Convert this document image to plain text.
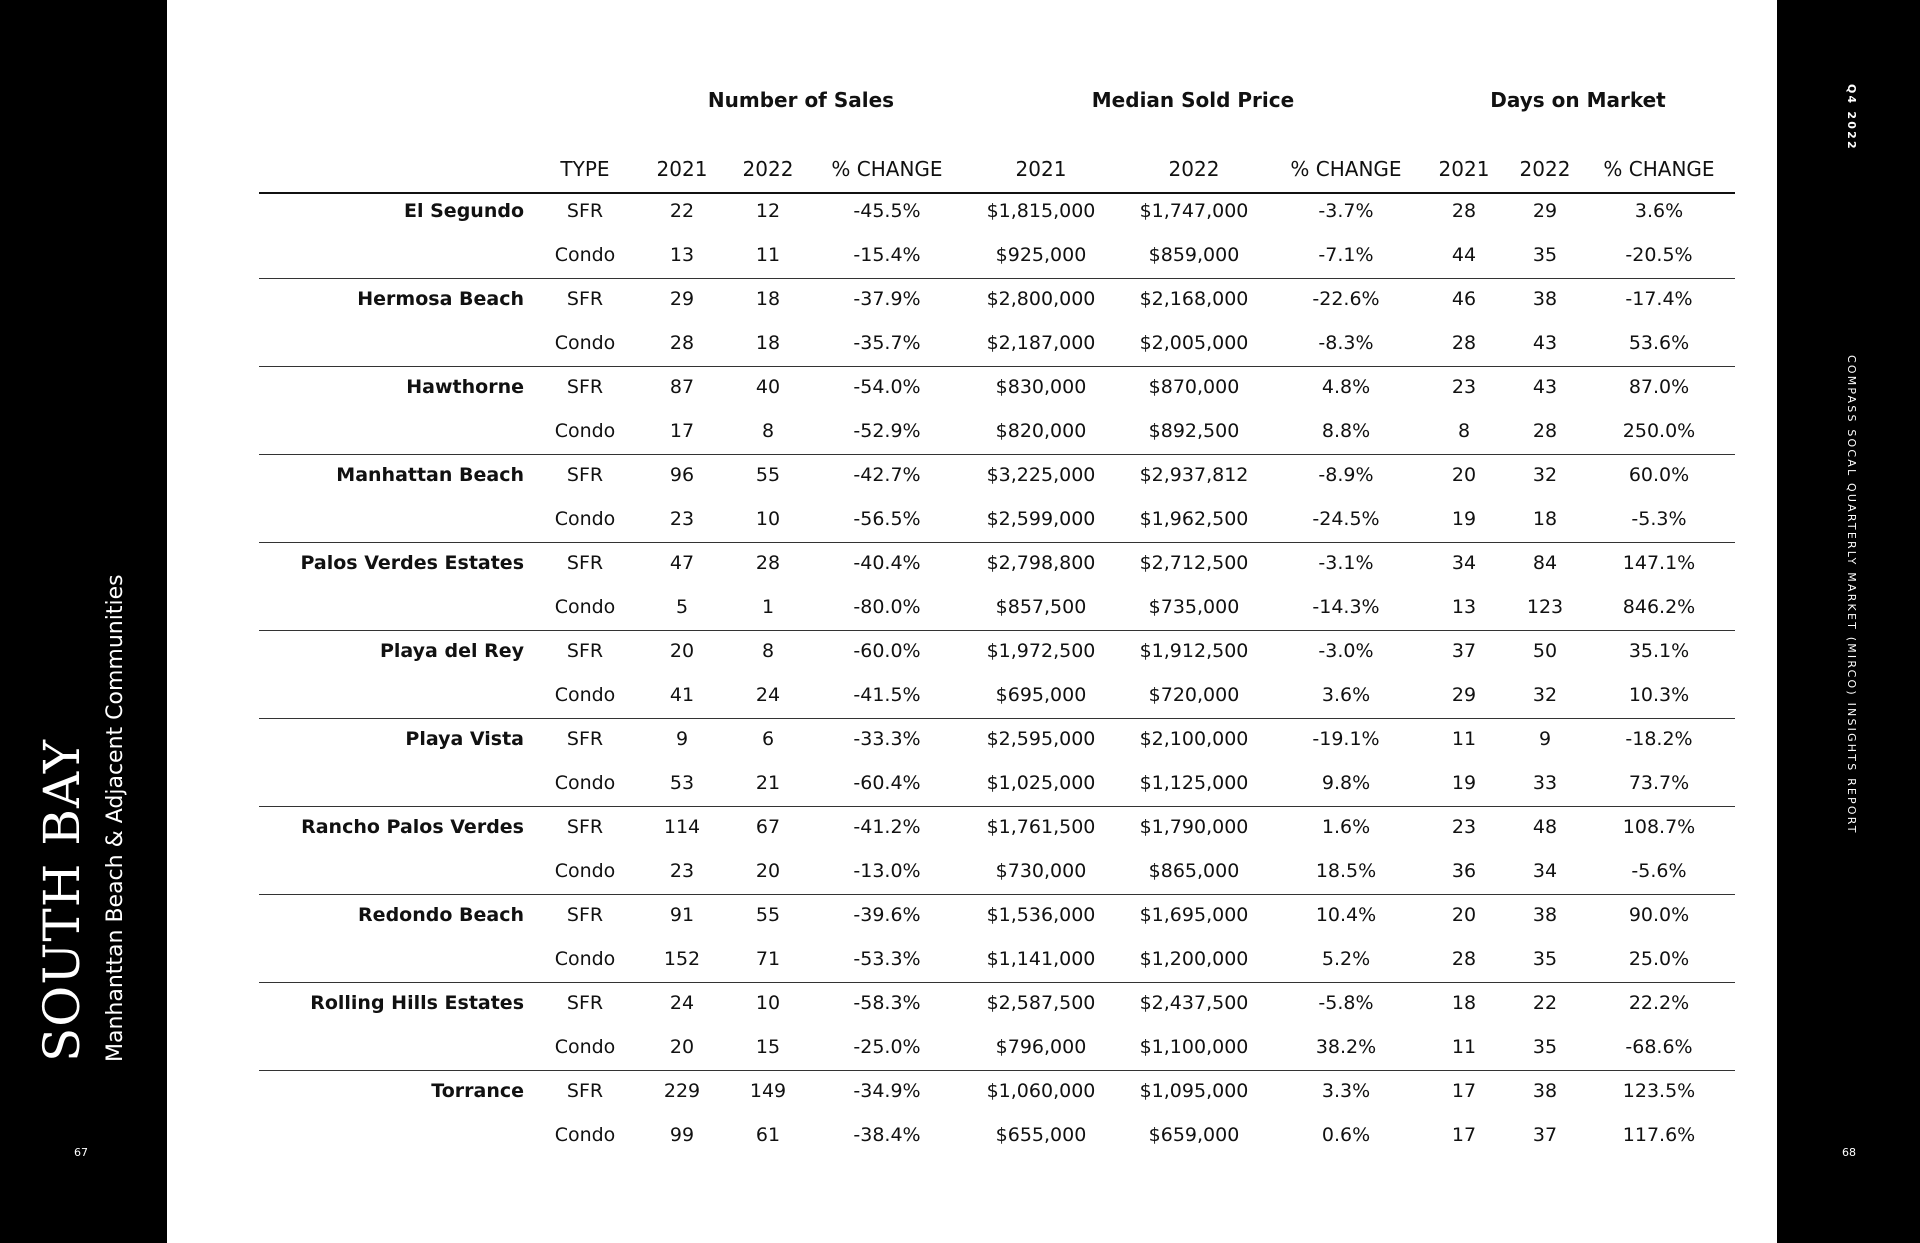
SOUTH BAY Manhanttan Beach & Adjacent Communities
67
Q4 2022
COMPASS SOCAL QUARTERLY MARKET (MIRCO) INSIGHTS REPORT
68
Number of Sales	Median Sold Price	Days on Market
TYPE	2021	2022	% CHANGE	2021	2022	% CHANGE	2021	2022	% CHANGE
El Segundo	SFR	22	12	-45.5%	$1,815,000	$1,747,000	-3.7%	28	29	3.6%
Condo	13	11	-15.4%	$925,000	$859,000	-7.1%	44	35	-20.5%
Hermosa Beach	SFR	29	18	-37.9%	$2,800,000	$2,168,000	-22.6%	46	38	-17.4%
Condo	28	18	-35.7%	$2,187,000	$2,005,000	-8.3%	28	43	53.6%
Hawthorne	SFR	87	40	-54.0%	$830,000	$870,000	4.8%	23	43	87.0%
Condo	17	8	-52.9%	$820,000	$892,500	8.8%	8	28	250.0%
Manhattan Beach	SFR	96	55	-42.7%	$3,225,000	$2,937,812	-8.9%	20	32	60.0%
Condo	23	10	-56.5%	$2,599,000	$1,962,500	-24.5%	19	18	-5.3%
Palos Verdes Estates	SFR	47	28	-40.4%	$2,798,800	$2,712,500	-3.1%	34	84	147.1%
Condo	5	1	-80.0%	$857,500	$735,000	-14.3%	13	123	846.2%
Playa del Rey	SFR	20	8	-60.0%	$1,972,500	$1,912,500	-3.0%	37	50	35.1%
Condo	41	24	-41.5%	$695,000	$720,000	3.6%	29	32	10.3%
Playa Vista	SFR	9	6	-33.3%	$2,595,000	$2,100,000	-19.1%	11	9	-18.2%
Condo	53	21	-60.4%	$1,025,000	$1,125,000	9.8%	19	33	73.7%
Rancho Palos Verdes	SFR	114	67	-41.2%	$1,761,500	$1,790,000	1.6%	23	48	108.7%
Condo	23	20	-13.0%	$730,000	$865,000	18.5%	36	34	-5.6%
Redondo Beach	SFR	91	55	-39.6%	$1,536,000	$1,695,000	10.4%	20	38	90.0%
Condo	152	71	-53.3%	$1,141,000	$1,200,000	5.2%	28	35	25.0%
Rolling Hills Estates	SFR	24	10	-58.3%	$2,587,500	$2,437,500	-5.8%	18	22	22.2%
Condo	20	15	-25.0%	$796,000	$1,100,000	38.2%	11	35	-68.6%
Torrance	SFR	229	149	-34.9%	$1,060,000	$1,095,000	3.3%	17	38	123.5%
Condo	99	61	-38.4%	$655,000	$659,000	0.6%	17	37	117.6%
